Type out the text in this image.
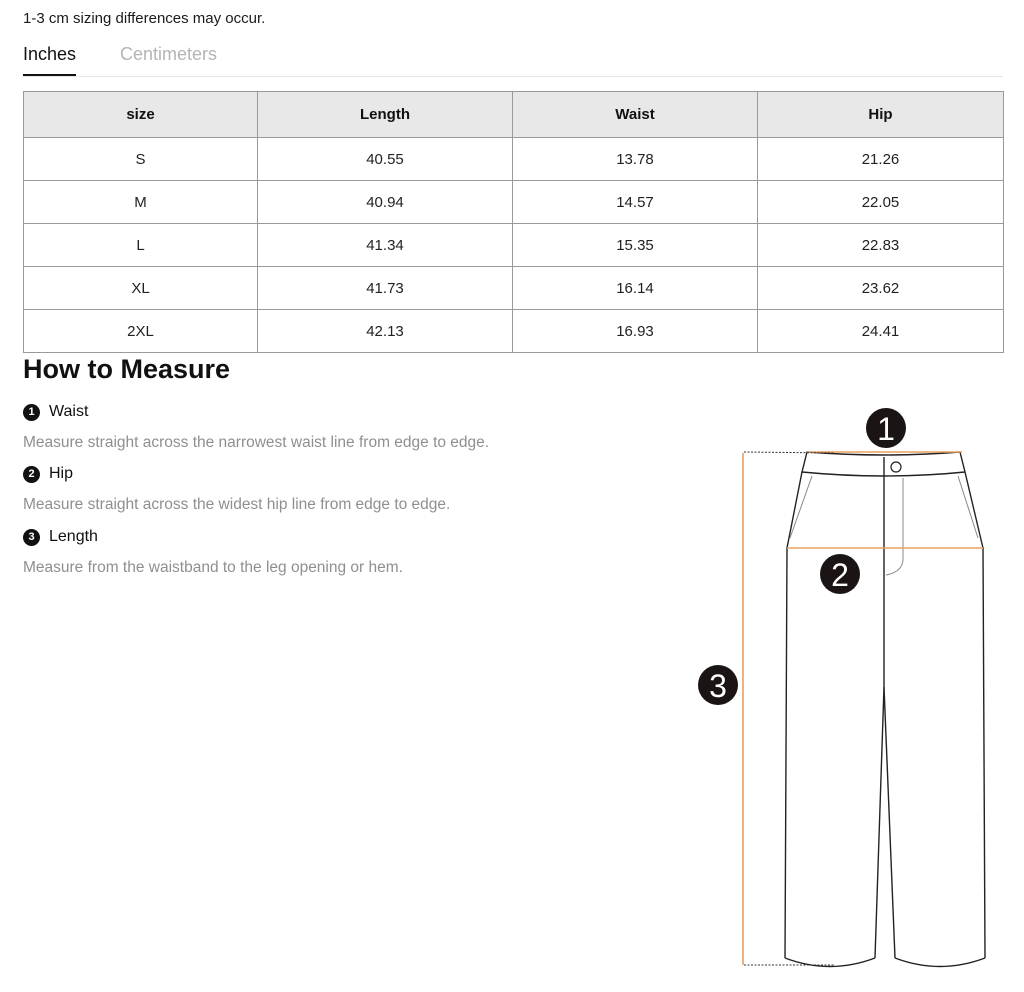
1-3 cm sizing differences may occur.
Inches Centimeters
size	Length	Waist	Hip
S	40.55	13.78	21.26
M	40.94	14.57	22.05
L	41.34	15.35	22.83
XL	41.73	16.14	23.62
2XL	42.13	16.93	24.41
How to Measure
1 Waist
Measure straight across the narrowest waist line from edge to edge.
2 Hip
Measure straight across the widest hip line from edge to edge.
3 Length
Measure from the waistband to the leg opening or hem.
1
2
3
